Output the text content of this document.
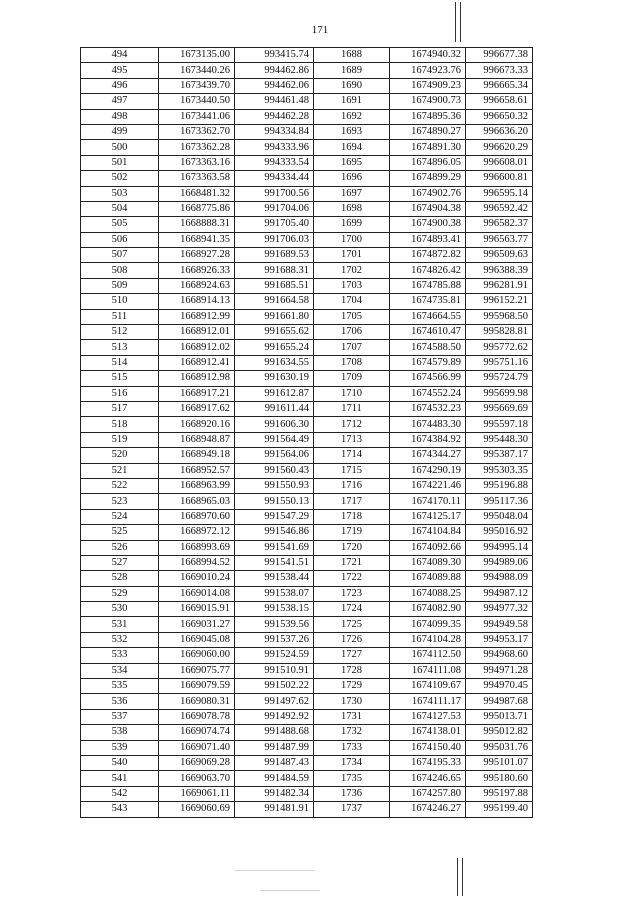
171
494	1673135.00	993415.74	1688	1674940.32	996677.38
495	1673440.26	994462.86	1689	1674923.76	996673.33
496	1673439.70	994462.06	1690	1674909.23	996665.34
497	1673440.50	994461.48	1691	1674900.73	996658.61
498	1673441.06	994462.28	1692	1674895.36	996650.32
499	1673362.70	994334.84	1693	1674890.27	996636.20
500	1673362.28	994333.96	1694	1674891.30	996620.29
501	1673363.16	994333.54	1695	1674896.05	996608.01
502	1673363.58	994334.44	1696	1674899.29	996600.81
503	1668481.32	991700.56	1697	1674902.76	996595.14
504	1668775.86	991704.06	1698	1674904.38	996592.42
505	1668888.31	991705.40	1699	1674900.38	996582.37
506	1668941.35	991706.03	1700	1674893.41	996563.77
507	1668927.28	991689.53	1701	1674872.82	996509.63
508	1668926.33	991688.31	1702	1674826.42	996388.39
509	1668924.63	991685.51	1703	1674785.88	996281.91
510	1668914.13	991664.58	1704	1674735.81	996152.21
511	1668912.99	991661.80	1705	1674664.55	995968.50
512	1668912.01	991655.62	1706	1674610.47	995828.81
513	1668912.02	991655.24	1707	1674588.50	995772.62
514	1668912.41	991634.55	1708	1674579.89	995751.16
515	1668912.98	991630.19	1709	1674566.99	995724.79
516	1668917.21	991612.87	1710	1674552.24	995699.98
517	1668917.62	991611.44	1711	1674532.23	995669.69
518	1668920.16	991606.30	1712	1674483.30	995597.18
519	1668948.87	991564.49	1713	1674384.92	995448.30
520	1668949.18	991564.06	1714	1674344.27	995387.17
521	1668952.57	991560.43	1715	1674290.19	995303.35
522	1668963.99	991550.93	1716	1674221.46	995196.88
523	1668965.03	991550.13	1717	1674170.11	995117.36
524	1668970.60	991547.29	1718	1674125.17	995048.04
525	1668972.12	991546.86	1719	1674104.84	995016.92
526	1668993.69	991541.69	1720	1674092.66	994995.14
527	1668994.52	991541.51	1721	1674089.30	994989.06
528	1669010.24	991538.44	1722	1674089.88	994988.09
529	1669014.08	991538.07	1723	1674088.25	994987.12
530	1669015.91	991538.15	1724	1674082.90	994977.32
531	1669031.27	991539.56	1725	1674099.35	994949.58
532	1669045.08	991537.26	1726	1674104.28	994953.17
533	1669060.00	991524.59	1727	1674112.50	994968.60
534	1669075.77	991510.91	1728	1674111.08	994971.28
535	1669079.59	991502.22	1729	1674109.67	994970.45
536	1669080.31	991497.62	1730	1674111.17	994987.68
537	1669078.78	991492.92	1731	1674127.53	995013.71
538	1669074.74	991488.68	1732	1674138.01	995012.82
539	1669071.40	991487.99	1733	1674150.40	995031.76
540	1669069.28	991487.43	1734	1674195.33	995101.07
541	1669063.70	991484.59	1735	1674246.65	995180.60
542	1669061.11	991482.34	1736	1674257.80	995197.88
543	1669060.69	991481.91	1737	1674246.27	995199.40
